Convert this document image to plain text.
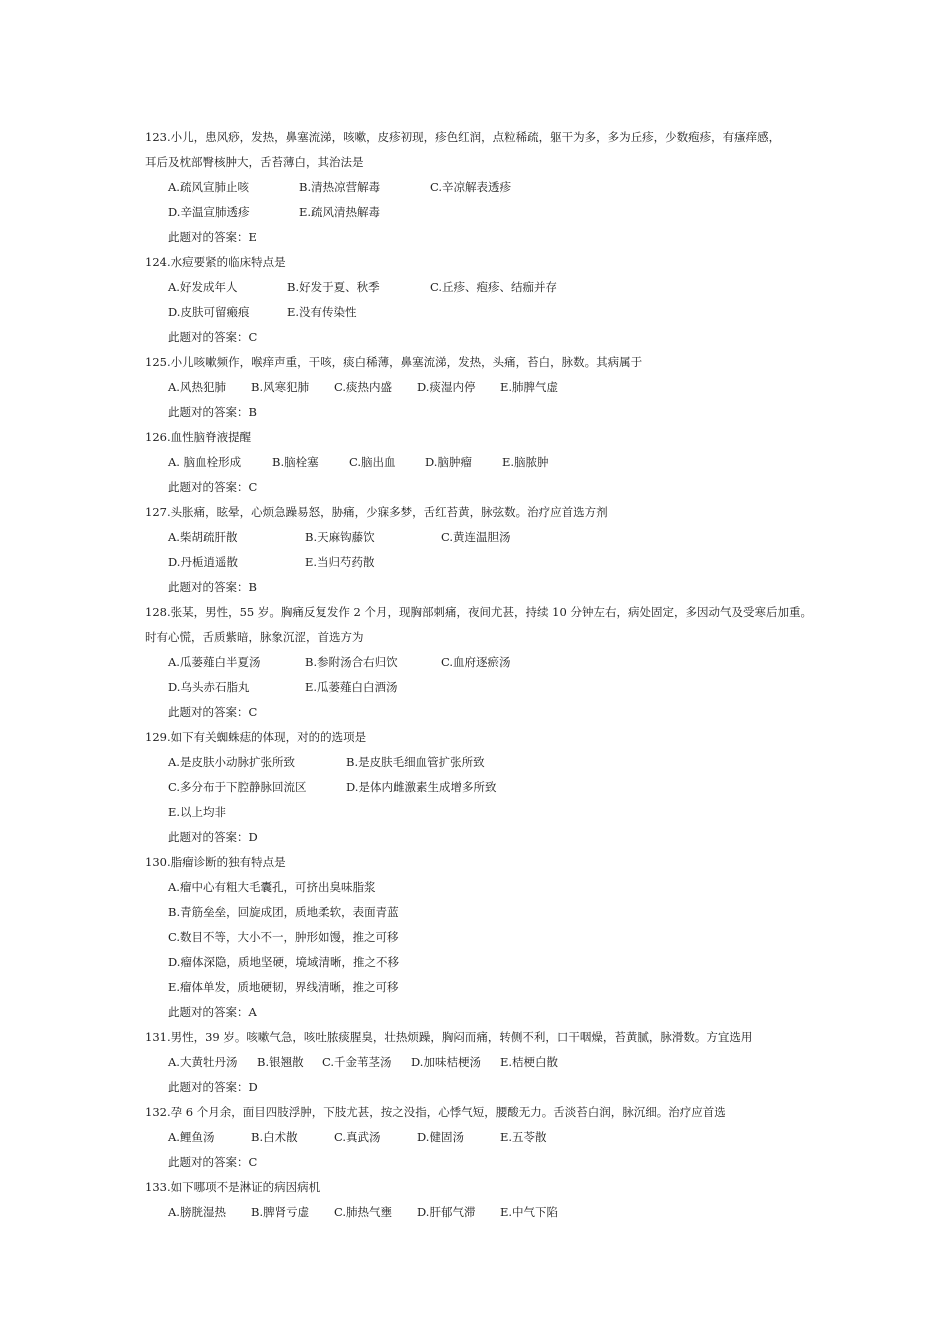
123.小儿，患风痧，发热，鼻塞流涕，咳嗽，皮疹初现，疹色红润，点粒稀疏，躯干为多，多为丘疹，少数疱疹，有瘙痒感，
耳后及枕部臀核肿大，舌苔薄白，其治法是
A.疏风宣肺止咳	B.清热凉营解毒	C.辛凉解表透疹
D.辛温宣肺透疹	E.疏风清热解毒
此题对的答案：E
124.水痘要紧的临床特点是
A.好发成年人	B.好发于夏、秋季	C.丘疹、疱疹、结痂并存
D.皮肤可留瘢痕	E.没有传染性
此题对的答案：C
125.小儿咳嗽频作，喉痒声重，干咳，痰白稀薄，鼻塞流涕，发热，头痛，苔白，脉数。其病属于
A.风热犯肺 B.风寒犯肺 C.痰热内盛 D.痰湿内停 E.肺脾气虚
此题对的答案：B
126.血性脑脊液提醒
A. 脑血栓形成	B.脑栓塞	C.脑出血	D.脑肿瘤	E.脑脓肿
此题对的答案：C
127.头胀痛，眩晕，心烦急躁易怒，胁痛，少寐多梦，舌红苔黄，脉弦数。治疗应首选方剂
A.柴胡疏肝散	B.天麻钩藤饮	C.黄连温胆汤
D.丹栀逍遥散	E.当归芍药散
此题对的答案：B
128.张某，男性，55 岁。胸痛反复发作 2 个月，现胸部刺痛，夜间尤甚，持续 10 分钟左右，病处固定，多因动气及受寒后加重。
时有心慌，舌质紫暗，脉象沉涩，首选方为
A.瓜蒌薤白半夏汤	B.参附汤合右归饮	C.血府逐瘀汤
D.乌头赤石脂丸	E.瓜蒌薤白白酒汤
此题对的答案：C
129.如下有关蜘蛛痣的体现，对的的选项是
A.是皮肤小动脉扩张所致	B.是皮肤毛细血管扩张所致
C.多分布于下腔静脉回流区	D.是体内雌激素生成增多所致
E.以上均非
此题对的答案：D
130.脂瘤诊断的独有特点是
A.瘤中心有粗大毛囊孔，可挤出臭味脂浆
B.青筋垒垒，回旋成团，质地柔软，表面青蓝
C.数目不等，大小不一，肿形如馒，推之可移
D.瘤体深隐，质地坚硬，境域清晰，推之不移
E.瘤体单发，质地硬韧，界线清晰，推之可移
此题对的答案：A
131.男性，39 岁。咳嗽气急，咳吐脓痰腥臭，壮热烦躁，胸闷而痛，转侧不利，口干咽燥，苔黄腻，脉滑数。方宜选用
A.大黄牡丹汤 B.银翘散 C.千金苇茎汤 D.加味桔梗汤 E.桔梗白散
此题对的答案：D
132.孕 6 个月余，面目四肢浮肿，下肢尤甚，按之没指，心悸气短，腰酸无力。舌淡苔白润，脉沉细。治疗应首选
A.鲤鱼汤	B.白术散	C.真武汤	D.健固汤	E.五苓散
此题对的答案：C
133.如下哪项不是淋证的病因病机
A.膀胱湿热 B.脾肾亏虚 C.肺热气壅 D.肝郁气滞 E.中气下陷
